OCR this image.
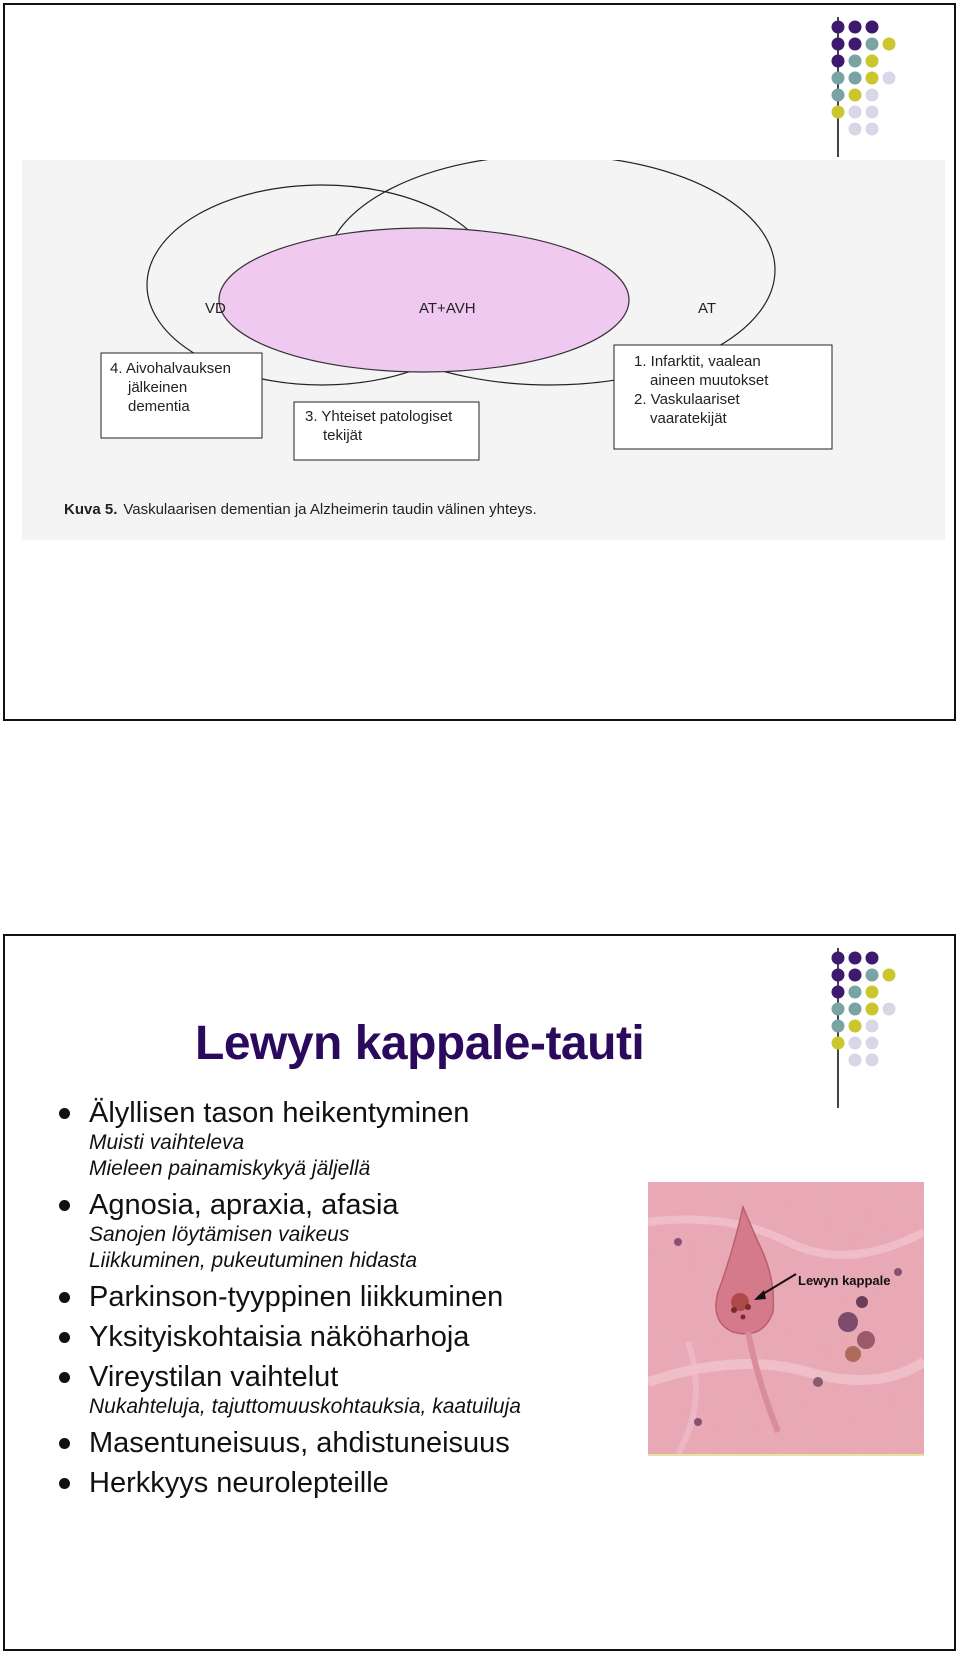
VD	AT+AVH	AT
4. Aivohalvauksen jälkeinen dementia
3. Yhteiset patologiset tekijät
1. Infarktit, vaalean aineen muutokset 2. Vaskulaariset vaaratekijät
Kuva 5. Vaskulaarisen dementian ja Alzheimerin taudin välinen yhteys.
Lewyn kappale-tauti
Älyllisen tason heikentyminen
Muisti vaihteleva
Mieleen painamiskykyä jäljellä
Agnosia, apraxia, afasia
Sanojen löytämisen vaikeus
Liikkuminen, pukeutuminen hidasta
Parkinson-tyyppinen liikkuminen
Yksityiskohtaisia näköharhoja
Vireystilan vaihtelut
Nukahteluja, tajuttomuuskohtauksia, kaatuiluja
Masentuneisuus, ahdistuneisuus
Herkkyys neurolepteille
Lewyn kappale
